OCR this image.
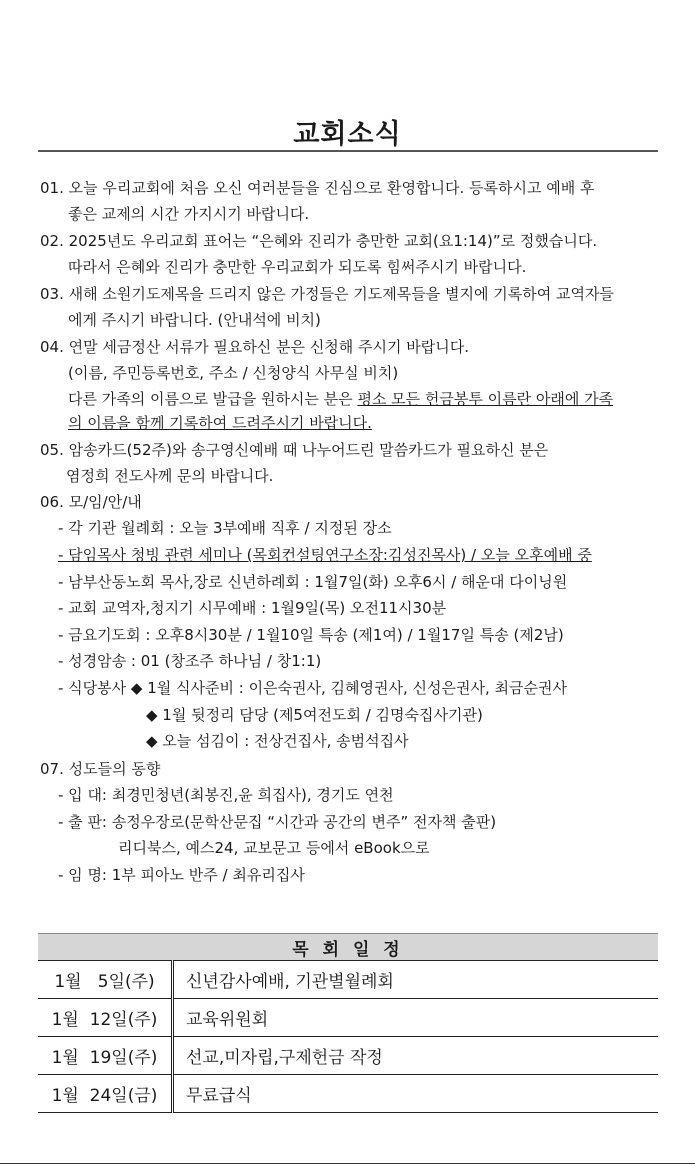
교회소식
01. 오늘 우리교회에 처음 오신 여러분들을 진심으로 환영합니다. 등록하시고 예배 후
좋은 교제의 시간 가지시기 바랍니다.
02. 2025년도 우리교회 표어는 “은혜와 진리가 충만한 교회(요1:14)”로 정했습니다.
따라서 은혜와 진리가 충만한 우리교회가 되도록 힘써주시기 바랍니다.
03. 새해 소원기도제목을 드리지 않은 가정들은 기도제목들을 별지에 기록하여 교역자들
에게 주시기 바랍니다. (안내석에 비치)
04. 연말 세금정산 서류가 필요하신 분은 신청해 주시기 바랍니다.
(이름, 주민등록번호, 주소 / 신청양식 사무실 비치)
다른 가족의 이름으로 발급을 원하시는 분은 평소 모든 헌금봉투 이름란 아래에 가족
의 이름을 함께 기록하여 드려주시기 바랍니다.
05. 암송카드(52주)와 송구영신예배 때 나누어드린 말씀카드가 필요하신 분은
염정희 전도사께 문의 바랍니다.
06. 모/임/안/내
- 각 기관 월례회 : 오늘 3부예배 직후 / 지정된 장소
- 담임목사 청빙 관련 세미나 (목회컨설팅연구소장:김성진목사) / 오늘 오후예배 중
- 남부산동노회 목사,장로 신년하례회 : 1월7일(화) 오후6시 / 해운대 다이닝원
- 교회 교역자,청지기 시무예배 : 1월9일(목) 오전11시30분
- 금요기도회 : 오후8시30분 / 1월10일 특송 (제1여) / 1월17일 특송 (제2남)
- 성경암송 : 01 (창조주 하나님 / 창1:1)
- 식당봉사 ◆ 1월 식사준비 : 이은숙권사, 김혜영권사, 신성은권사, 최금순권사
◆ 1월 뒷정리 담당 (제5여전도회 / 김명숙집사기관)
◆ 오늘 섬김이 : 전상건집사, 송범석집사
07. 성도들의 동향
- 입 대: 최경민청년(최봉진,윤 희집사), 경기도 연천
- 출 판: 송정우장로(문학산문집 “시간과 공간의 변주” 전자책 출판)
리디북스, 예스24, 교보문고 등에서 eBook으로
- 임 명: 1부 피아노 반주 / 최유리집사
목 회 일 정	
1월   5일(주)	신년감사예배, 기관별월례회
1월  12일(주)	교육위원회
1월  19일(주)	선교,미자립,구제헌금 작정
1월  24일(금)	무료급식
